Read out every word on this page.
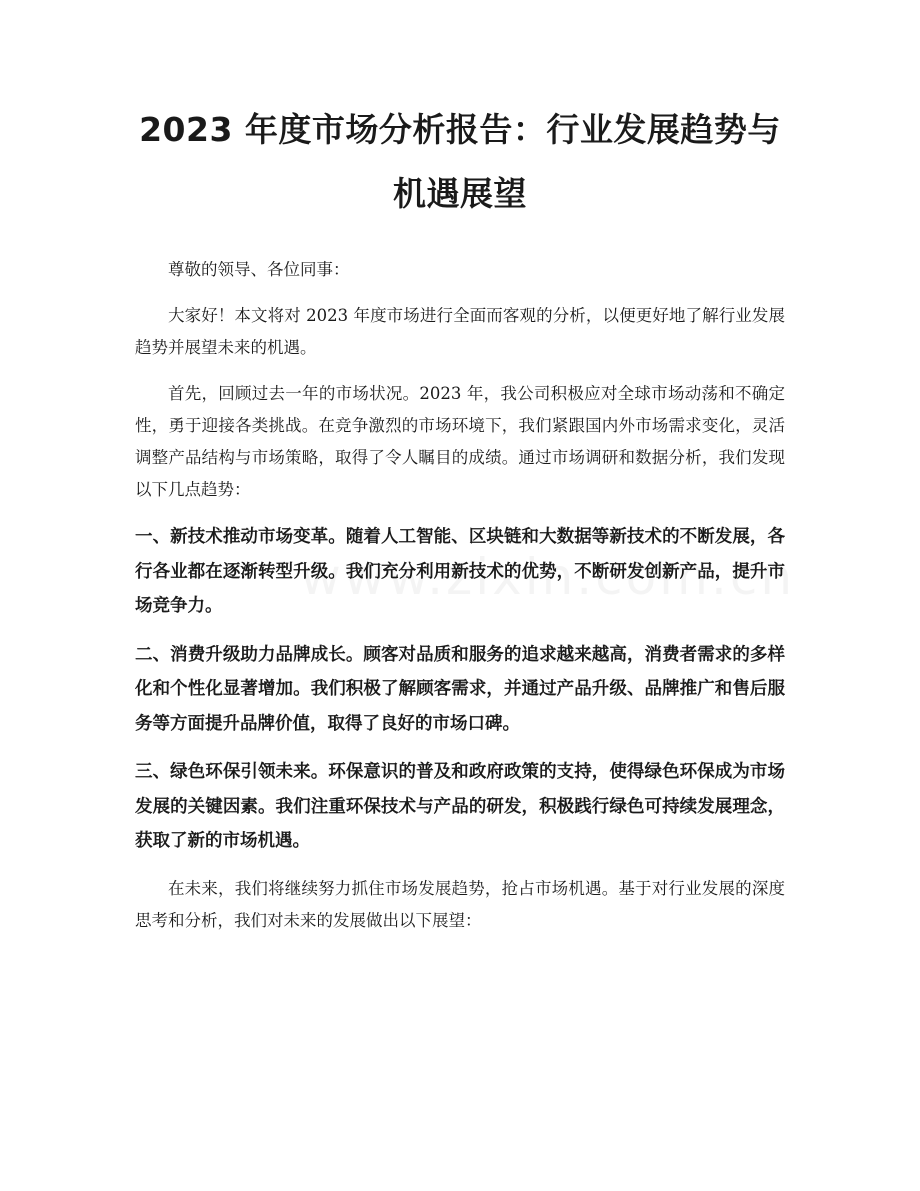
2023 年度市场分析报告：行业发展趋势与机遇展望

尊敬的领导、各位同事：

大家好！本文将对 2023 年度市场进行全面而客观的分析，以便更好地了解行业发展趋势并展望未来的机遇。

首先，回顾过去一年的市场状况。2023 年，我公司积极应对全球市场动荡和不确定性，勇于迎接各类挑战。在竞争激烈的市场环境下，我们紧跟国内外市场需求变化，灵活调整产品结构与市场策略，取得了令人瞩目的成绩。通过市场调研和数据分析，我们发现以下几点趋势：

一、新技术推动市场变革。随着人工智能、区块链和大数据等新技术的不断发展，各行各业都在逐渐转型升级。我们充分利用新技术的优势，不断研发创新产品，提升市场竞争力。

二、消费升级助力品牌成长。顾客对品质和服务的追求越来越高，消费者需求的多样化和个性化显著增加。我们积极了解顾客需求，并通过产品升级、品牌推广和售后服务等方面提升品牌价值，取得了良好的市场口碑。

三、绿色环保引领未来。环保意识的普及和政府政策的支持，使得绿色环保成为市场发展的关键因素。我们注重环保技术与产品的研发，积极践行绿色可持续发展理念，获取了新的市场机遇。

在未来，我们将继续努力抓住市场发展趋势，抢占市场机遇。基于对行业发展的深度思考和分析，我们对未来的发展做出以下展望：
